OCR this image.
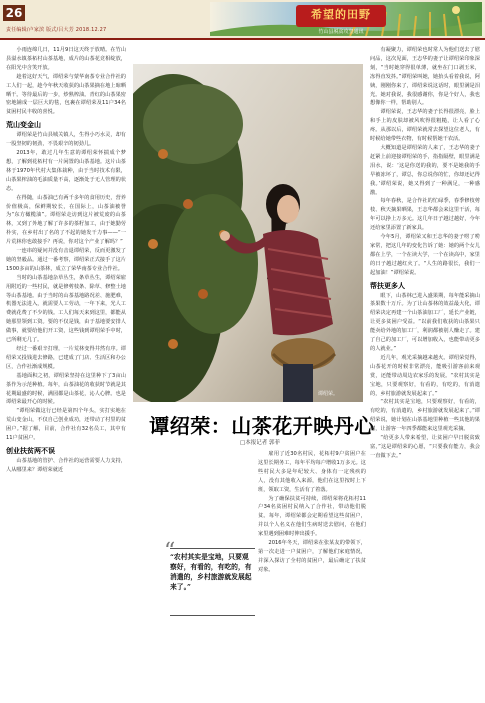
26
责任编辑/卢家滨 版式/吕大芳 2018.12.27
希望的田野
竹山县脱贫攻坚通讯

小雨连绵几日，11月9日这天终于放晴。在竹山县溢水镇茶柘村山茶基地，成片的山茶花竞相绽放，在阳光中含笑开放。

趁着这好天气，谭绍荣与蒙华南茶专业合作社的工人们一起，趁今年秋天收获的山茶果摘在地上晾晒晒干。等待最后的一步，炒熟榨油。青红的山茶果密密地铺成一层巨大的毯，包裹在谭绍荣及11户34名贫困村民丰收的喜悦。

荒山变金山

谭绍荣是竹山县城关镇人，生得小巧水灵，却有一股坚韧的韧劲，不畏艰辛的韧劲儿。

2013年，敢过几年生意的谭绍荣怀揣成个梦想，了解到花柘村有一片闲置的山茶基地。这片山茶林于1970年代村大集体栽种，由于当时技术有限，山茶果榨油的毛油质量不高，逐渐处于无人管理的状态。

在得随，山茶油已有两千多年的食用历史，营养价值极高，保鲜期较长，在国际上，山茶油被誉为“东方橄榄油”。谭绍荣走访到这片被荒废的山茶林，又到了外地了解了许多的茶籽加工，由于她勤劳朴实，在乡村出了名的了不起的她发干力事——“一片荒林你也敢接手？再说，你对这个产业了解吗？”

一连串的疑问并没有击退谭绍荣，反而更激发了她的坚毅品。通过一番考察，谭绍荣正式接手了这片1500多亩的山茶林，成立了荣华南茶专业合作社。

当时的山茶基地杂草丛生，条草丛生，谭绍荣雇用附近的一些村民，就是修剪枝条、除草、修整土地等山茶基地。由于当时的山茶基地路况差、施肥难，机器无法进入，就需要人工劳动，一年下来，光人工费就花费了不少的钱。工人们每天来到这里，都能从她那里领到工资。要的不仅是钱，由于基地要安排人做事，就要给他们开工资，这些钱到谭绍荣手中时，已所剩无几了。

经过一番艰辛打理，一片荒林变得井然有序。谭绍荣又投钱进去修路，已建成了门店、生活区和办公区，合作社渐成规模。

基地面积之初，谭绍荣坚持在这里种下了3亩山茶作为示范种植。每年，山茶油花的收获时节就是其花期最盛的时候，满园都是山茶花，沁人心脾。也是谭绍荣最开心的时候。

“谭绍荣做这行已经是第四个年头，实打实地在荒山变金山，不仅自己创业成功，还带动了村里的贫困户。”据了解，目前，合作社有32名员工，其中有11户贫困户。

创业扶贫两不误

山茶基地的管护、合作社的运营需要人力支持，人从哪里来？谭绍荣就近

谭绍荣。
谭绍荣：山茶花开映丹心
□本报记者 郭菲

雇用了近30名村民，花柘村9户贫困户在这里长期务工，每年平均每户增收1万多元。这些村民大多是年纪较大、身体有一定残疾的人，没有其他收入来源，他们在这里按时上下班，领取工资，生活有了着落。

为了确保扶贫可持续，谭绍荣将花柘村11户34名贫困村民纳入了合作社，带动他们脱贫。每年，谭绍荣都会定期看望这些贫困户，并以个人名义在他们生病时送去慰问，在他们家里遇到困难时伸出援手。

2016年冬天，谭绍荣在张某友的带领下，第一次走进一户贫困户，了解他们家庭情况，并深入探访了全村的贫困户，最后确定了扶贫对象。

“
“农村其实是宝地，只要观察好，有看的，有吃的，有消遣的，乡村旅游就发展起来了。”

有凝聚力，谭绍荣也时常人为他们送去了慰问品，这次见面，王志华的妻子让谭绍荣印象深刻，“当时她穿得很单薄，就坐在门口剥玉米，冻得直发抖。”谭绍荣叫她，她抬头看着我说，阿姨，刚刚你来了，谭绍荣说这话时，眼里满是泪光。她对我说，我很感谢你，你是个好人，我也想像你一样，帮助别人。

谭绍荣说，王志华的妻子长得很漂亮，脸上和手上的皮肤却被风吹得很粗糙，让人看了心疼。从那以后，谭绍荣就常去探望这位老人，有时候给她带些衣物，有时候帮她干农活。

大概知道是谭绍荣的人来了，王志华的妻子赶紧上前迎接谭绍荣的手，指指隔壁，眼里满是泪水，说：‘这是你送的我的，要不是她我的手早被冻坏了，谭总，你总说你的忙，你却还记得我。’谭绍荣说，她又得到了一种满足，一种感激。

每年春秋，是合作社的忙碌季，春季修枝剪枝、秋天摘果晒果，王志华都会来这里干活，每年可以挣上万多元。这几年日子越过越好，今年还给家里添置了新家具。

今年5月，谭绍荣又和王志华的妻子唠了唠家常，把这几年的变化告诉了她：她的两个女儿都在上学，一个在读大学，一个在读高中，家里的日子越过越红火了。“人生的路很长，我们一起加油！”谭绍荣说。

帮扶更多人

眼下，山茶林已进入盛果期，每年能采摘山茶果数十万斤。为了让山茶林的效益最大化，谭绍荣决定再建一个山茶油加工厂，延长产业链，让更多贫困户受益。“以前我们收获的山茶果只能卖给外地的加工厂，利润都被别人赚走了。建了自己的加工厂，可以增加收入，也能带动更多的人就业。”

近几年，观光采摘越来越火。谭绍荣觉得，山茶花开的时候非常漂亮，能吸引游客前来观赏，还能带动周边农家乐的发展。“农村其实是宝地，只要观察好，有看的，有吃的，有消遣的，乡村旅游就发展起来了。”

“农村其实是宝地，只要观察好，有看的，有吃的，有消遣的，乡村旅游就发展起来了。”谭绍荣说，她计划在山茶基地里种植一些其他的果树，让游客一年四季都能来这里观光采摘。

“给更多人带来希望，让贫困户早日脱贫致富，”这是谭绍荣的心愿，“只要我有能力，我会一直做下去。”
